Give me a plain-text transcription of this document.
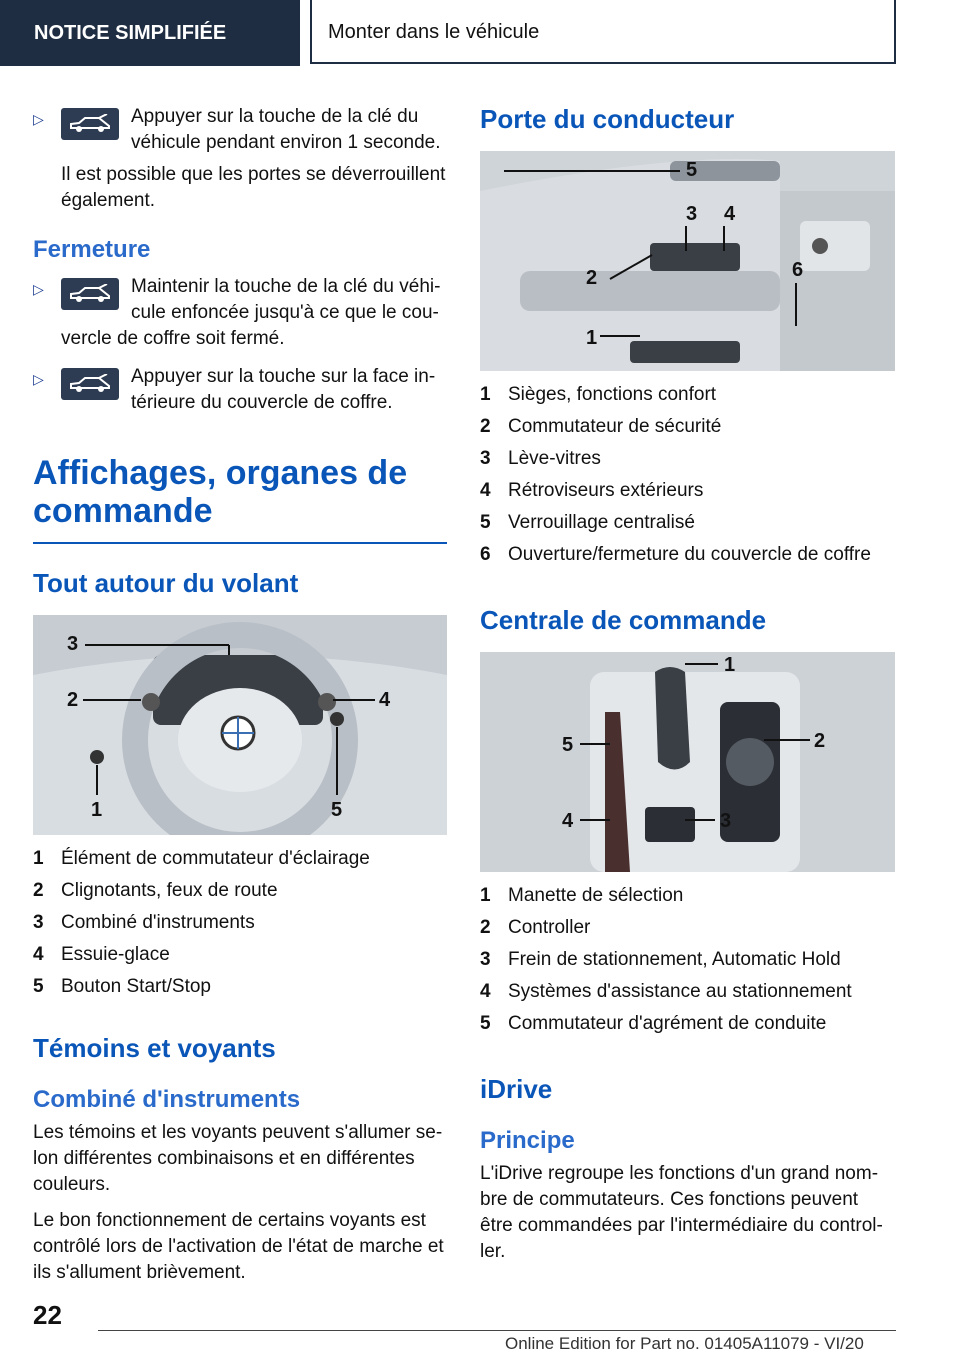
NOTICE SIMPLIFIÉE	Monter dans le véhicule
▷	Appuyer sur la touche de la clé du véhicule pendant environ 1 seconde.

Il est possible que les portes se déverrouillent également.

Fermeture

▷	Maintenir la touche de la clé du véhicule enfoncée jusqu'à ce que le couvercle de coffre soit fermé.
▷	Appuyer sur la touche sur la face intérieure du couvercle de coffre.

Affichages, organes de commande

Tout autour du volant

3
2	4
1	5
1 Élément de commutateur d'éclairage
2 Clignotants, feux de route
3 Combiné d'instruments
4 Essuie-glace
5 Bouton Start/Stop

Témoins et voyants

Combiné d'instruments

Les témoins et les voyants peuvent s'allumer selon différentes combinaisons et en différentes couleurs.

Le bon fonctionnement de certains voyants est contrôlé lors de l'activation de l'état de marche et ils s'allument brièvement.

Porte du conducteur

5
3 4
2	6
1
1 Sièges, fonctions confort
2 Commutateur de sécurité
3 Lève-vitres
4 Rétroviseurs extérieurs
5 Verrouillage centralisé
6 Ouverture/fermeture du couvercle de coffre

Centrale de commande

1
2
5
4	3
1 Manette de sélection
2 Controller
3 Frein de stationnement, Automatic Hold
4 Systèmes d'assistance au stationnement
5 Commutateur d'agrément de conduite

iDrive

Principe

L'iDrive regroupe les fonctions d'un grand nombre de commutateurs. Ces fonctions peuvent être commandées par l'intermédiaire du controller.

22
Online Edition for Part no. 01405A11079 - VI/20
